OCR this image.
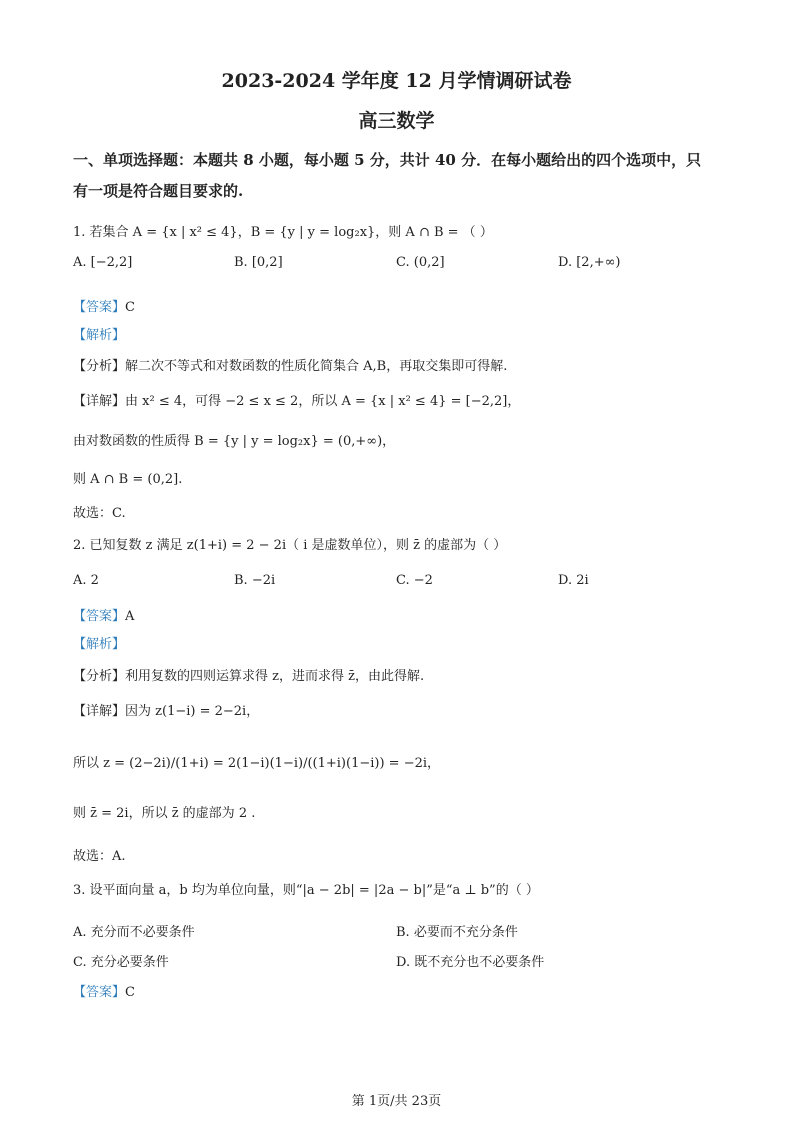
2023-2024 学年度 12 月学情调研试卷
高三数学
一、单项选择题：本题共 8 小题，每小题 5 分，共计 40 分．在每小题给出的四个选项中，只
有一项是符合题目要求的.
1. 若集合 A = {x | x² ≤ 4}，B = {y | y = log₂x}，则 A ∩ B = （ ）
A. [−2,2]	B. [0,2]	C. (0,2]	D. [2,+∞)
【答案】C
【解析】
【分析】解二次不等式和对数函数的性质化简集合 A,B，再取交集即可得解.
【详解】由 x² ≤ 4，可得 −2 ≤ x ≤ 2，所以 A = {x | x² ≤ 4} = [−2,2]，
由对数函数的性质得 B = {y | y = log₂x} = (0,+∞)，
则 A ∩ B = (0,2].
故选：C.
2. 已知复数 z 满足 z(1+i) = 2 − 2i（ i 是虚数单位），则 z̄ 的虚部为（ ）
A. 2	B. −2i	C. −2	D. 2i
【答案】A
【解析】
【分析】利用复数的四则运算求得 z，进而求得 z̄，由此得解.
【详解】因为 z(1−i) = 2−2i，
所以 z = (2−2i)/(1+i) = 2(1−i)(1−i)/((1+i)(1−i)) = −2i，
则 z̄ = 2i，所以 z̄ 的虚部为 2 .
故选：A.
3. 设平面向量 a，b 均为单位向量，则“|a − 2b| = |2a − b|”是“a ⊥ b”的（ ）
A. 充分而不必要条件	B. 必要而不充分条件
C. 充分必要条件	D. 既不充分也不必要条件
【答案】C
第 1页/共 23页
